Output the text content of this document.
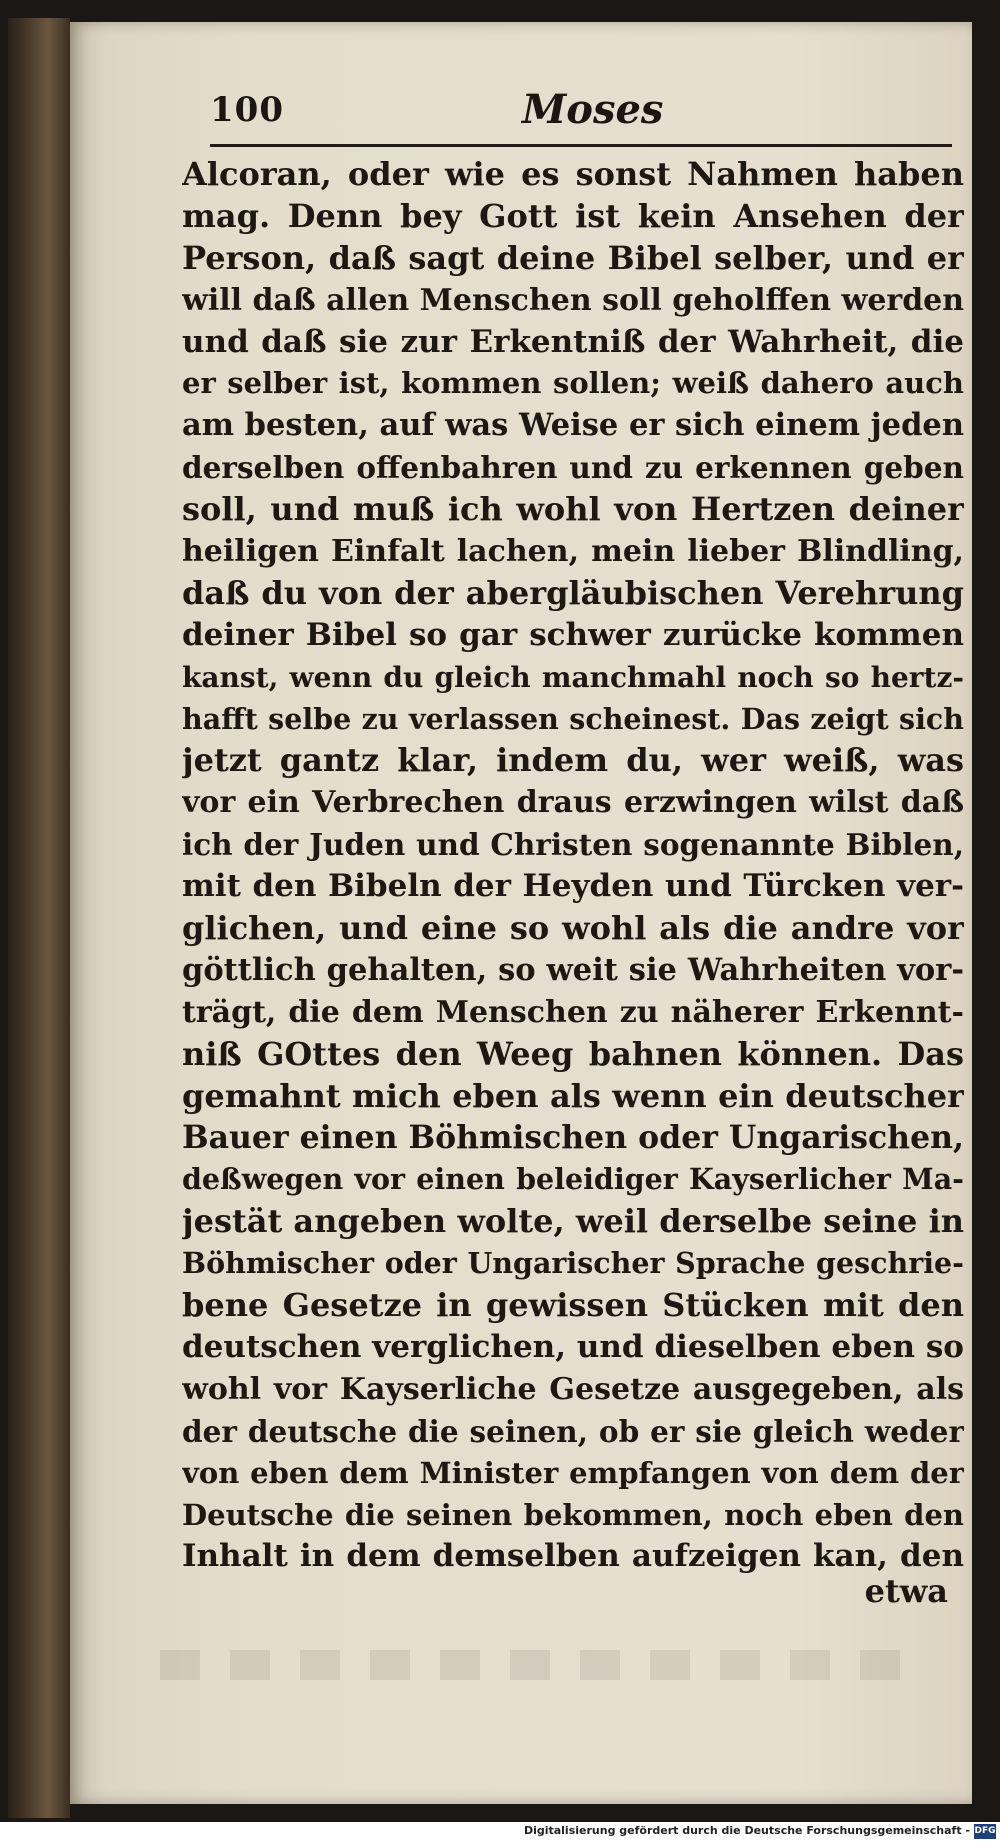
100	Moses
Alcoran, oder wie es sonst Nahmen haben
mag. Denn bey Gott ist kein Ansehen der
Person, daß sagt deine Bibel selber, und er
will daß allen Menschen soll geholffen werden
und daß sie zur Erkentniß der Wahrheit, die
er selber ist, kommen sollen; weiß dahero auch
am besten, auf was Weise er sich einem jeden
derselben offenbahren und zu erkennen geben
soll, und muß ich wohl von Hertzen deiner
heiligen Einfalt lachen, mein lieber Blindling,
daß du von der abergläubischen Verehrung
deiner Bibel so gar schwer zurücke kommen
kanst, wenn du gleich manchmahl noch so hertz-
hafft selbe zu verlassen scheinest. Das zeigt sich
jetzt gantz klar, indem du, wer weiß, was
vor ein Verbrechen draus erzwingen wilst daß
ich der Juden und Christen sogenannte Biblen,
mit den Bibeln der Heyden und Türcken ver-
glichen, und eine so wohl als die andre vor
göttlich gehalten, so weit sie Wahrheiten vor-
trägt, die dem Menschen zu näherer Erkennt-
niß GOttes den Weeg bahnen können. Das
gemahnt mich eben als wenn ein deutscher
Bauer einen Böhmischen oder Ungarischen,
deßwegen vor einen beleidiger Kayserlicher Ma-
jestät angeben wolte, weil derselbe seine in
Böhmischer oder Ungarischer Sprache geschrie-
bene Gesetze in gewissen Stücken mit den
deutschen verglichen, und dieselben eben so
wohl vor Kayserliche Gesetze ausgegeben, als
der deutsche die seinen, ob er sie gleich weder
von eben dem Minister empfangen von dem der
Deutsche die seinen bekommen, noch eben den
Inhalt in dem demselben aufzeigen kan, den
etwa
Digitalisierung gefördert durch die Deutsche Forschungsgemeinschaft - DFG
